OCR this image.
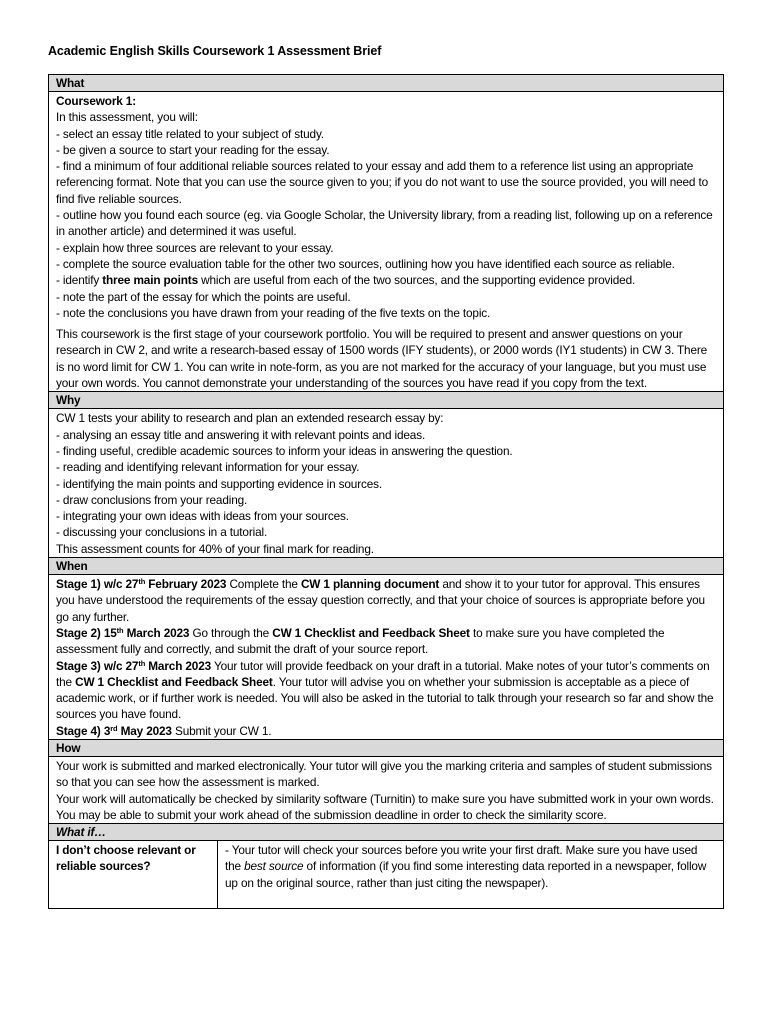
Academic English Skills Coursework 1 Assessment Brief
What

Coursework 1:

In this assessment, you will:

- select an essay title related to your subject of study.

- be given a source to start your reading for the essay.

- find a minimum of four additional reliable sources related to your essay and add them to a reference list using an appropriate referencing format. Note that you can use the source given to you; if you do not want to use the source provided, you will need to find five reliable sources.

- outline how you found each source (eg. via Google Scholar, the University library, from a reading list, following up on a reference in another article) and determined it was useful.

- explain how three sources are relevant to your essay.

- complete the source evaluation table for the other two sources, outlining how you have identified each source as reliable.

- identify three main points which are useful from each of the two sources, and the supporting evidence provided.

- note the part of the essay for which the points are useful.

- note the conclusions you have drawn from your reading of the five texts on the topic.

This coursework is the first stage of your coursework portfolio. You will be required to present and answer questions on your research in CW 2, and write a research-based essay of 1500 words (IFY students), or 2000 words (IY1 students) in CW 3. There is no word limit for CW 1. You can write in note-form, as you are not marked for the accuracy of your language, but you must use your own words. You cannot demonstrate your understanding of the sources you have read if you copy from the text.

Why

CW 1 tests your ability to research and plan an extended research essay by:

- analysing an essay title and answering it with relevant points and ideas.

- finding useful, credible academic sources to inform your ideas in answering the question.

- reading and identifying relevant information for your essay.

- identifying the main points and supporting evidence in sources.

- draw conclusions from your reading.

- integrating your own ideas with ideas from your sources.

- discussing your conclusions in a tutorial.

This assessment counts for 40% of your final mark for reading.

When

Stage 1) w/c 27th February 2023 Complete the CW 1 planning document and show it to your tutor for approval. This ensures you have understood the requirements of the essay question correctly, and that your choice of sources is appropriate before you go any further.

Stage 2) 15th March 2023 Go through the CW 1 Checklist and Feedback Sheet to make sure you have completed the assessment fully and correctly, and submit the draft of your source report.

Stage 3) w/c 27th March 2023 Your tutor will provide feedback on your draft in a tutorial. Make notes of your tutor’s comments on the CW 1 Checklist and Feedback Sheet. Your tutor will advise you on whether your submission is acceptable as a piece of academic work, or if further work is needed. You will also be asked in the tutorial to talk through your research so far and show the sources you have found.

Stage 4) 3rd May 2023 Submit your CW 1.

How

Your work is submitted and marked electronically. Your tutor will give you the marking criteria and samples of student submissions so that you can see how the assessment is marked.

Your work will automatically be checked by similarity software (Turnitin) to make sure you have submitted work in your own words. You may be able to submit your work ahead of the submission deadline in order to check the similarity score.

What if…
I don’t choose relevant or reliable sources?
- Your tutor will check your sources before you write your first draft. Make sure you have used the best source of information (if you find some interesting data reported in a newspaper, follow up on the original source, rather than just citing the newspaper).
